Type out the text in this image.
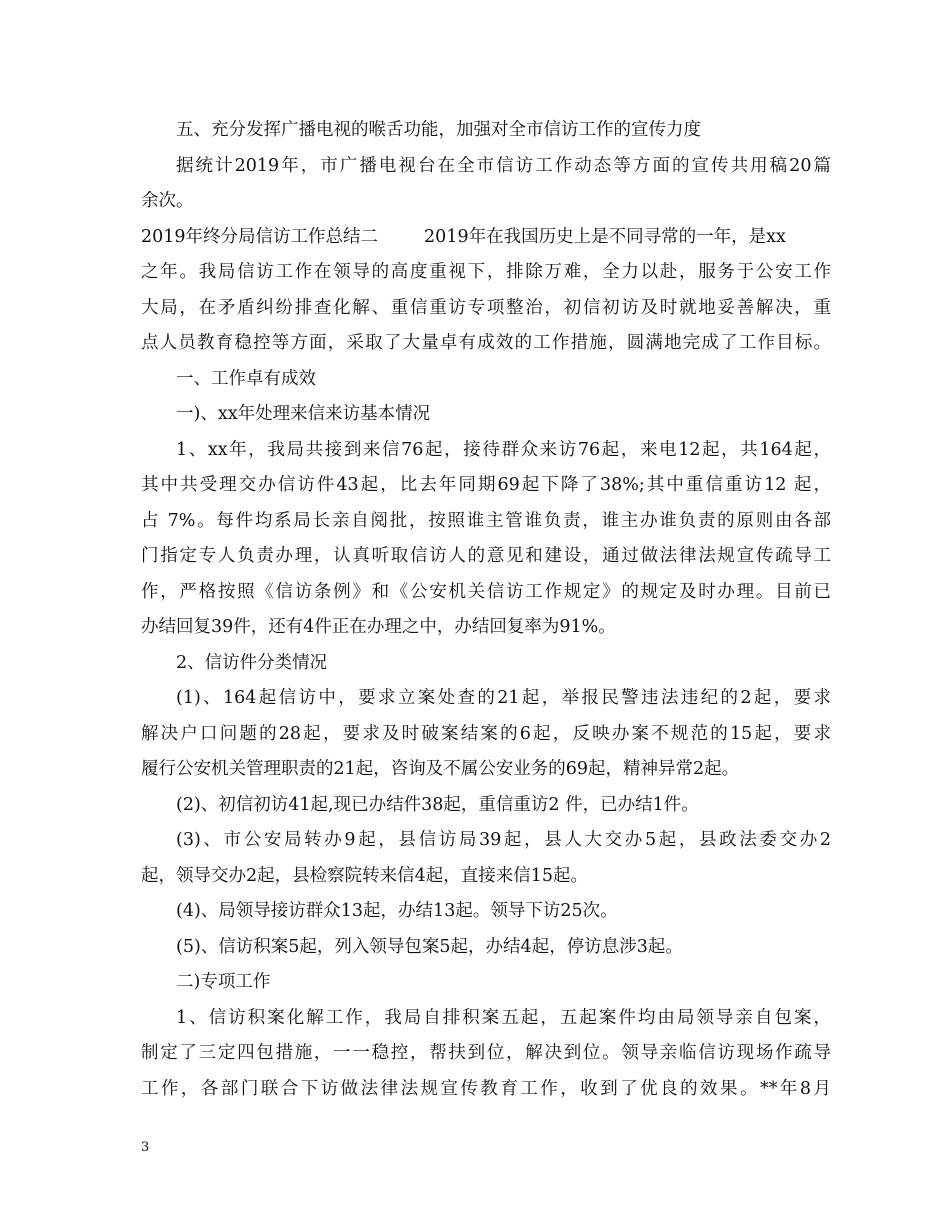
五、充分发挥广播电视的喉舌功能，加强对全市信访工作的宣传力度
据统计2019年，市广播电视台在全市信访工作动态等方面的宣传共用稿20篇
余次。
2019年终分局信访工作总结二	2019年在我国历史上是不同寻常的一年，是xx
之年。我局信访工作在领导的高度重视下，排除万难，全力以赴，服务于公安工作
大局，在矛盾纠纷排查化解、重信重访专项整治，初信初访及时就地妥善解决，重
点人员教育稳控等方面，采取了大量卓有成效的工作措施，圆满地完成了工作目标。
一、工作卓有成效
一)、xx年处理来信来访基本情况
1、xx年，我局共接到来信76起，接待群众来访76起，来电12起，共164起，
其中共受理交办信访件43起，比去年同期69起下降了38%;其中重信重访12 起，
占 7%。每件均系局长亲自阅批，按照谁主管谁负责，谁主办谁负责的原则由各部
门指定专人负责办理，认真听取信访人的意见和建设，通过做法律法规宣传疏导工
作，严格按照《信访条例》和《公安机关信访工作规定》的规定及时办理。目前已
办结回复39件，还有4件正在办理之中，办结回复率为91%。
2、信访件分类情况
(1)、164起信访中，要求立案处查的21起，举报民警违法违纪的2起，要求
解决户口问题的28起，要求及时破案结案的6起，反映办案不规范的15起，要求
履行公安机关管理职责的21起，咨询及不属公安业务的69起，精神异常2起。
(2)、初信初访41起,现已办结件38起，重信重访2 件，已办结1件。
(3)、市公安局转办9起，县信访局39起，县人大交办5起，县政法委交办2
起，领导交办2起，县检察院转来信4起，直接来信15起。
(4)、局领导接访群众13起，办结13起。领导下访25次。
(5)、信访积案5起，列入领导包案5起，办结4起，停访息涉3起。
二)专项工作
1、信访积案化解工作，我局自排积案五起，五起案件均由局领导亲自包案，
制定了三定四包措施，一一稳控，帮扶到位，解决到位。领导亲临信访现场作疏导
工作，各部门联合下访做法律法规宣传教育工作，收到了优良的效果。**年8月
3
